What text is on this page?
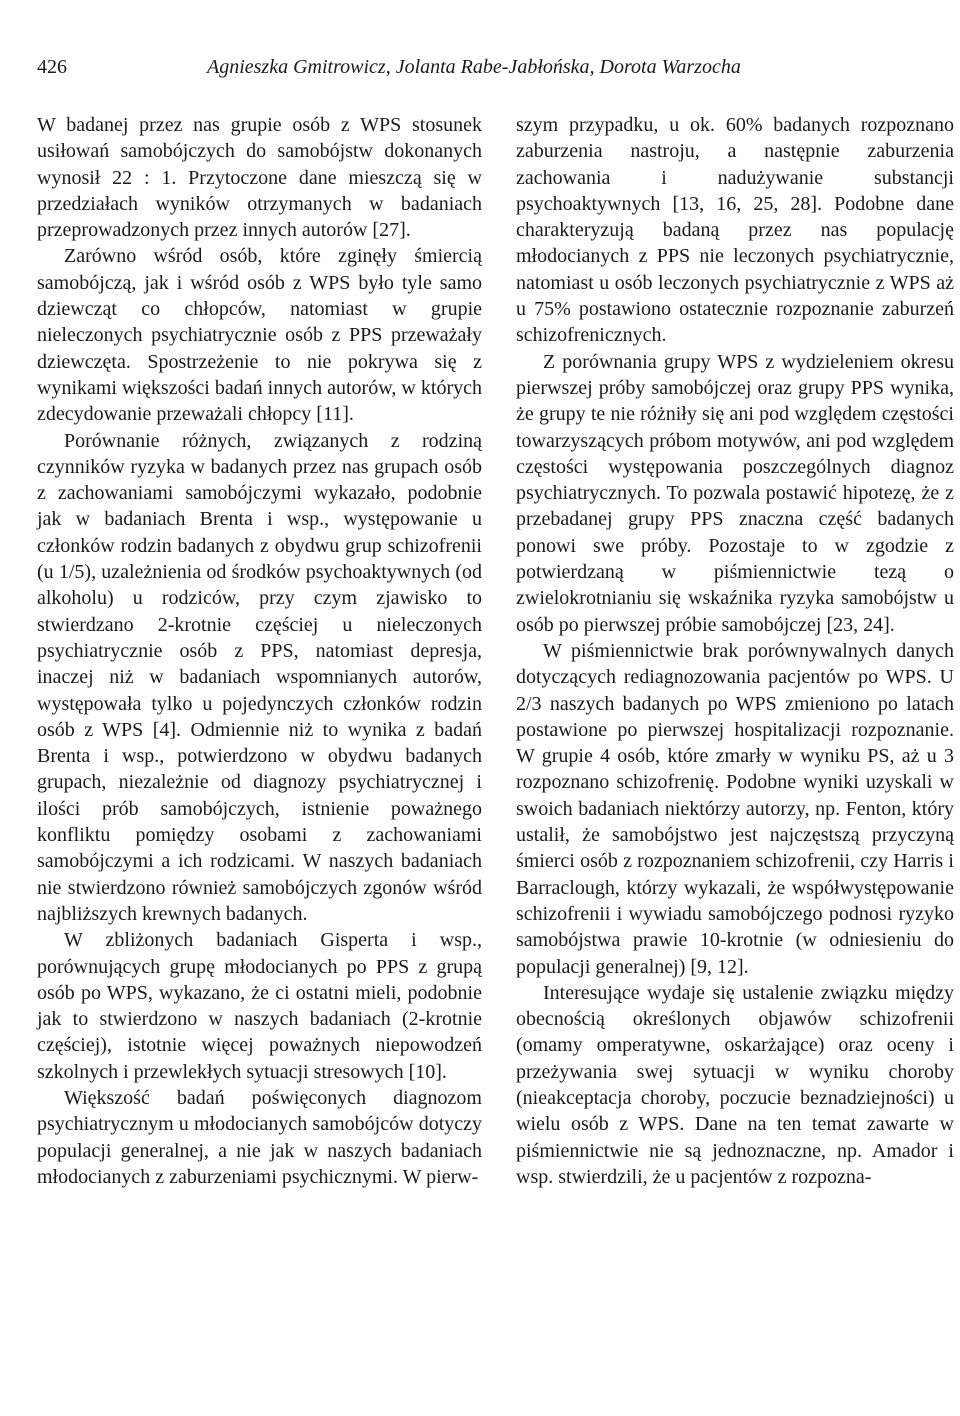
426	Agnieszka Gmitrowicz, Jolanta Rabe-Jabłońska, Dorota Warzocha

W badanej przez nas grupie osób z WPS stosunek usiłowań samobójczych do samobójstw dokonanych wynosił 22 : 1. Przytoczone dane mieszczą się w przedziałach wyników otrzymanych w badaniach przeprowadzonych przez innych autorów [27].

Zarówno wśród osób, które zginęły śmiercią samobójczą, jak i wśród osób z WPS było tyle samo dziewcząt co chłopców, natomiast w grupie nieleczonych psychiatrycznie osób z PPS przeważały dziewczęta. Spostrzeżenie to nie pokrywa się z wynikami większości badań innych autorów, w których zdecydowanie przeważali chłopcy [11].

Porównanie różnych, związanych z rodziną czynników ryzyka w badanych przez nas grupach osób z zachowaniami samobójczymi wykazało, podobnie jak w badaniach Brenta i wsp., występowanie u członków rodzin badanych z obydwu grup schizofrenii (u 1/5), uzależnienia od środków psychoaktywnych (od alkoholu) u rodziców, przy czym zjawisko to stwierdzano 2-krotnie częściej u nieleczonych psychiatrycznie osób z PPS, natomiast depresja, inaczej niż w badaniach wspomnianych autorów, występowała tylko u pojedynczych członków rodzin osób z WPS [4]. Odmiennie niż to wynika z badań Brenta i wsp., potwierdzono w obydwu badanych grupach, niezależnie od diagnozy psychiatrycznej i ilości prób samobójczych, istnienie poważnego konfliktu pomiędzy osobami z zachowaniami samobójczymi a ich rodzicami. W naszych badaniach nie stwierdzono również samobójczych zgonów wśród najbliższych krewnych badanych.

W zbliżonych badaniach Gisperta i wsp., porównujących grupę młodocianych po PPS z grupą osób po WPS, wykazano, że ci ostatni mieli, podobnie jak to stwierdzono w naszych badaniach (2-krotnie częściej), istotnie więcej poważnych niepowodzeń szkolnych i przewlekłych sytuacji stresowych [10].

Większość badań poświęconych diagnozom psychiatrycznym u młodocianych samobójców dotyczy populacji generalnej, a nie jak w naszych badaniach młodocianych z zaburzeniami psychicznymi. W pierw-

szym przypadku, u ok. 60% badanych rozpoznano zaburzenia nastroju, a następnie zaburzenia zachowania i nadużywanie substancji psychoaktywnych [13, 16, 25, 28]. Podobne dane charakteryzują badaną przez nas populację młodocianych z PPS nie leczonych psychiatrycznie, natomiast u osób leczonych psychiatrycznie z WPS aż u 75% postawiono ostatecznie rozpoznanie zaburzeń schizofrenicznych.

Z porównania grupy WPS z wydzieleniem okresu pierwszej próby samobójczej oraz grupy PPS wynika, że grupy te nie różniły się ani pod względem częstości towarzyszących próbom motywów, ani pod względem częstości występowania poszczególnych diagnoz psychiatrycznych. To pozwala postawić hipotezę, że z przebadanej grupy PPS znaczna część badanych ponowi swe próby. Pozostaje to w zgodzie z potwierdzaną w piśmiennictwie tezą o zwielokrotnianiu się wskaźnika ryzyka samobójstw u osób po pierwszej próbie samobójczej [23, 24].

W piśmiennictwie brak porównywalnych danych dotyczących rediagnozowania pacjentów po WPS. U 2/3 naszych badanych po WPS zmieniono po latach postawione po pierwszej hospitalizacji rozpoznanie. W grupie 4 osób, które zmarły w wyniku PS, aż u 3 rozpoznano schizofrenię. Podobne wyniki uzyskali w swoich badaniach niektórzy autorzy, np. Fenton, który ustalił, że samobójstwo jest najczęstszą przyczyną śmierci osób z rozpoznaniem schizofrenii, czy Harris i Barraclough, którzy wykazali, że współwystępowanie schizofrenii i wywiadu samobójczego podnosi ryzyko samobójstwa prawie 10-krotnie (w odniesieniu do populacji generalnej) [9, 12].

Interesujące wydaje się ustalenie związku między obecnością określonych objawów schizofrenii (omamy omperatywne, oskarżające) oraz oceny i przeżywania swej sytuacji w wyniku choroby (nieakceptacja choroby, poczucie beznadziejności) u wielu osób z WPS. Dane na ten temat zawarte w piśmiennictwie nie są jednoznaczne, np. Amador i wsp. stwierdzili, że u pacjentów z rozpozna-
